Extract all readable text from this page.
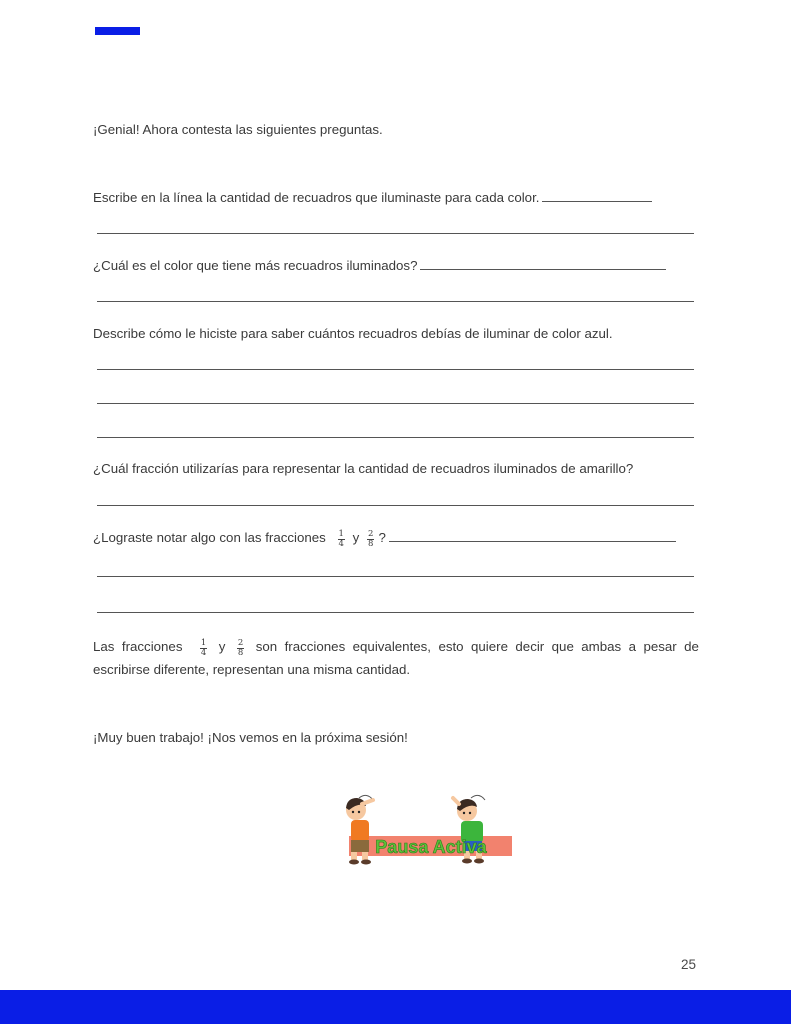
¡Genial! Ahora contesta las siguientes preguntas.
Escribe en la línea la cantidad de recuadros que iluminaste para cada color.
¿Cuál es el color que tiene más recuadros iluminados?
Describe cómo le hiciste para saber cuántos recuadros debías de iluminar de color azul.
¿Cuál fracción utilizarías para representar la cantidad de recuadros iluminados de amarillo?
¿Lograste notar algo con las fracciones $\frac{1}{4}$ y $\frac{2}{8}$ ?
Las fracciones $\frac{1}{4}$ y $\frac{2}{8}$ son fracciones equivalentes, esto quiere decir que ambas a pesar de
escribirse diferente, representan una misma cantidad.
¡Muy buen trabajo! ¡Nos vemos en la próxima sesión!
Pausa Activa
25
